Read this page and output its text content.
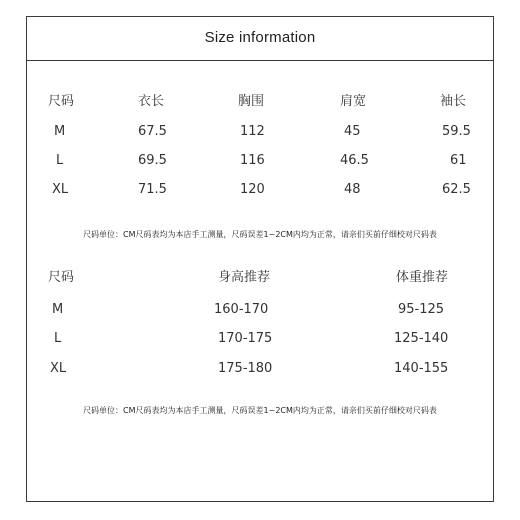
Size information
尺码	衣长	胸围	肩宽	袖长
M	67.5	112	45	59.5
L	69.5	116	46.5	61
XL	71.5	120	48	62.5
尺码单位：CM尺码表均为本店手工测量，尺码误差1~2CM内均为正常，请亲们买前仔细校对尺码表
尺码	身高推荐	体重推荐
M	160-170	95-125
L	170-175	125-140
XL	175-180	140-155
尺码单位：CM尺码表均为本店手工测量，尺码误差1~2CM内均为正常，请亲们买前仔细校对尺码表
